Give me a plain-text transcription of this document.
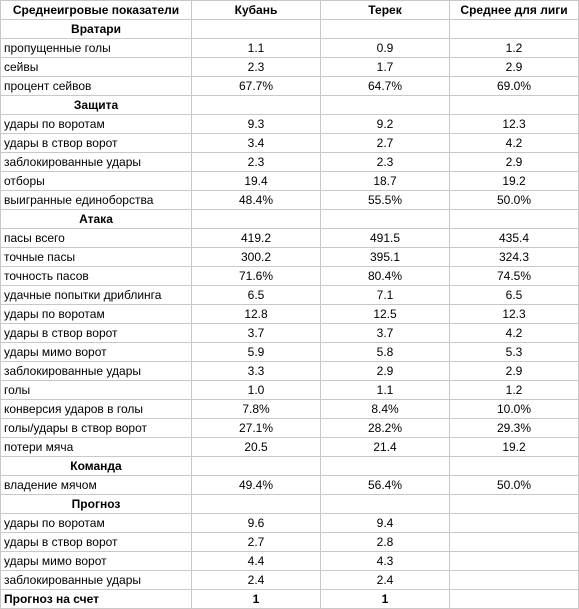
Среднеигровые показатели	Кубань	Терек	Среднее для лиги
Вратари			
пропущенные голы	1.1	0.9	1.2
сейвы	2.3	1.7	2.9
процент сейвов	67.7%	64.7%	69.0%
Защита			
удары по воротам	9.3	9.2	12.3
удары в створ ворот	3.4	2.7	4.2
заблокированные удары	2.3	2.3	2.9
отборы	19.4	18.7	19.2
выигранные единоборства	48.4%	55.5%	50.0%
Атака			
пасы всего	419.2	491.5	435.4
точные пасы	300.2	395.1	324.3
точность пасов	71.6%	80.4%	74.5%
удачные попытки дриблинга	6.5	7.1	6.5
удары по воротам	12.8	12.5	12.3
удары в створ ворот	3.7	3.7	4.2
удары мимо ворот	5.9	5.8	5.3
заблокированные удары	3.3	2.9	2.9
голы	1.0	1.1	1.2
конверсия ударов в голы	7.8%	8.4%	10.0%
голы/удары в створ ворот	27.1%	28.2%	29.3%
потери мяча	20.5	21.4	19.2
Команда			
владение мячом	49.4%	56.4%	50.0%
Прогноз			
удары по воротам	9.6	9.4	
удары в створ ворот	2.7	2.8	
удары мимо ворот	4.4	4.3	
заблокированные удары	2.4	2.4	
Прогноз на счет	1	1	
